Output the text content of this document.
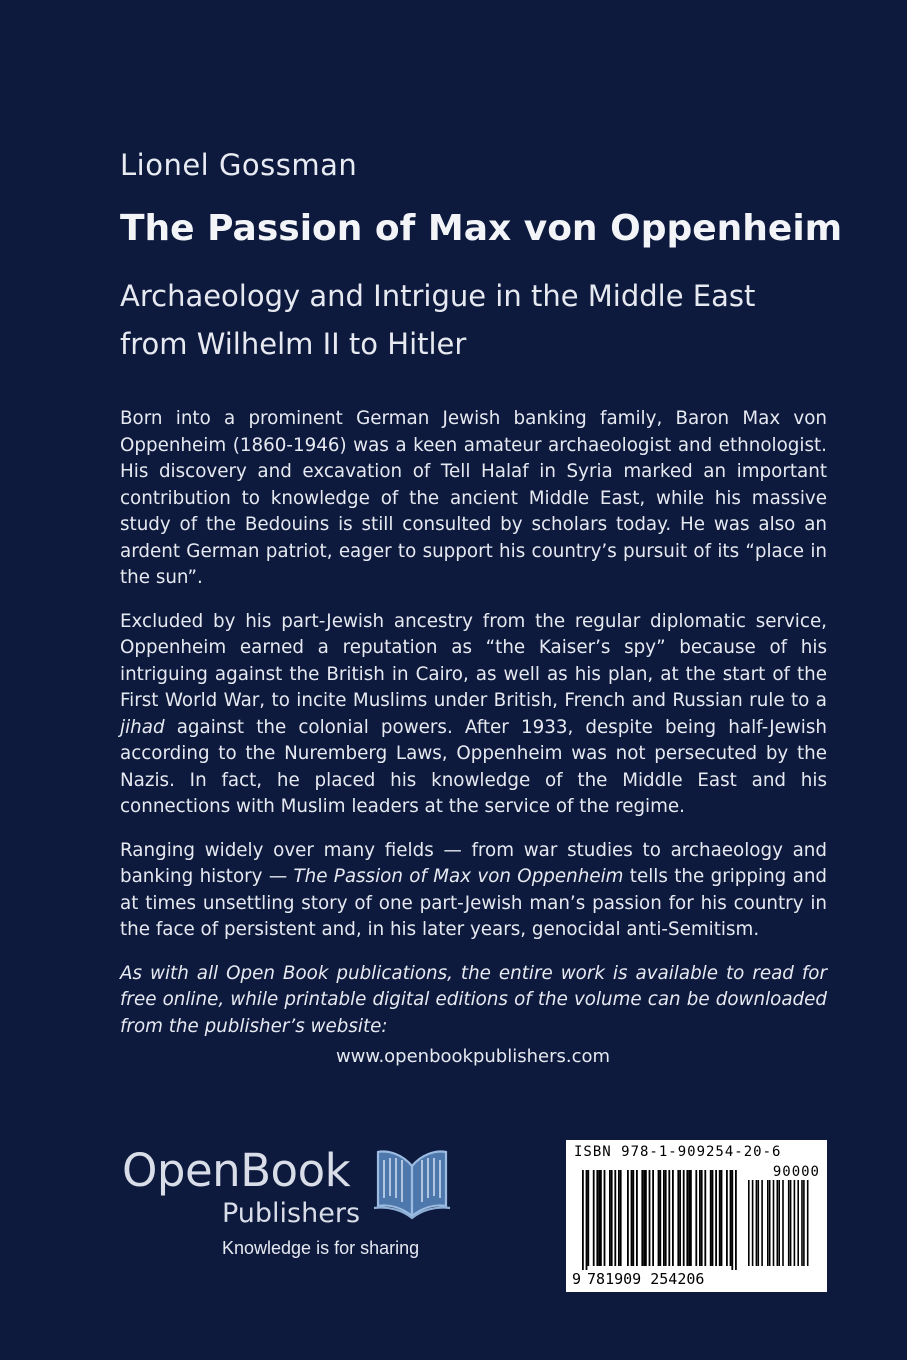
Lionel Gossman
The Passion of Max von Oppenheim
Archaeology and Intrigue in the Middle East
from Wilhelm II to Hitler

Born into a prominent German Jewish banking family, Baron Max von Oppenheim (1860-1946) was a keen amateur archaeologist and ethnologist. His discovery and excavation of Tell Halaf in Syria marked an important contribution to knowledge of the ancient Middle East, while his massive study of the Bedouins is still consulted by scholars today. He was also an ardent German patriot, eager to support his country’s pursuit of its “place in the sun”.

Excluded by his part-Jewish ancestry from the regular diplomatic service, Oppenheim earned a reputation as “the Kaiser’s spy” because of his intriguing against the British in Cairo, as well as his plan, at the start of the First World War, to incite Muslims under British, French and Russian rule to a jihad against the colonial powers. After 1933, despite being half-Jewish according to the Nuremberg Laws, Oppenheim was not persecuted by the Nazis. In fact, he placed his knowledge of the Middle East and his connections with Muslim leaders at the service of the regime.

Ranging widely over many fields — from war studies to archaeology and banking history — The Passion of Max von Oppenheim tells the gripping and at times unsettling story of one part-Jewish man’s passion for his country in the face of persistent and, in his later years, genocidal anti-Semitism.

As with all Open Book publications, the entire work is available to read for free online, while printable digital editions of the volume can be downloaded from the publisher’s website:

www.openbookpublishers.com
OpenBook
Publishers
Knowledge is for sharing
ISBN 978-1-909254-20-6
90000
9 781909 254206
